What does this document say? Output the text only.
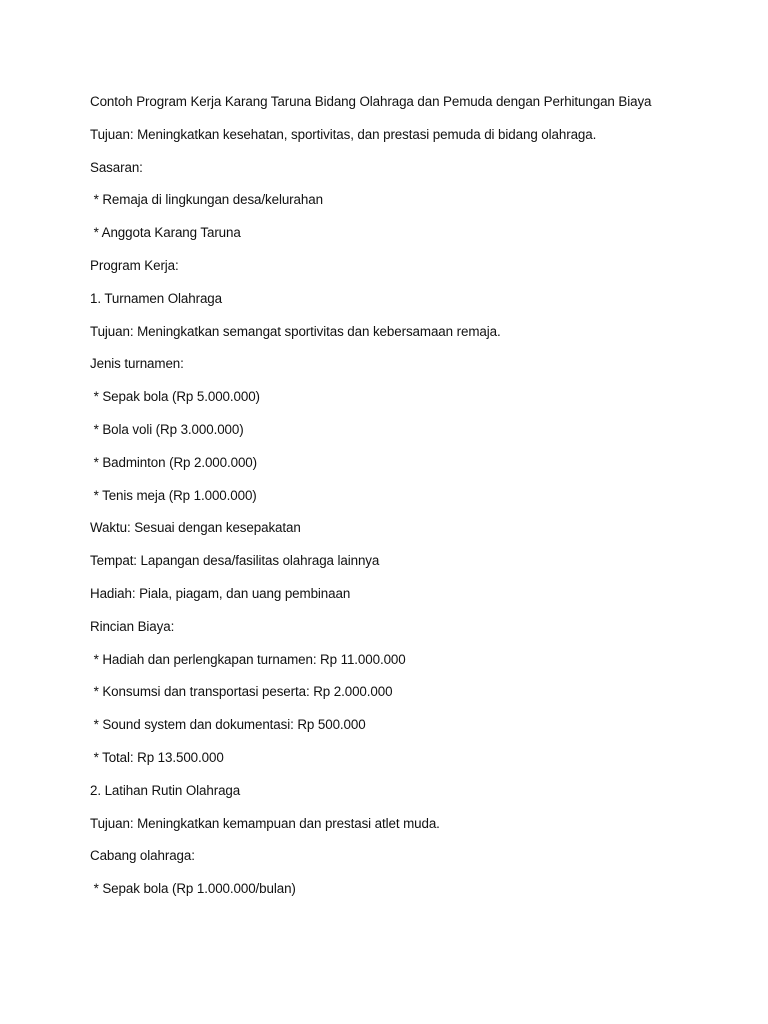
Contoh Program Kerja Karang Taruna Bidang Olahraga dan Pemuda dengan Perhitungan Biaya
Tujuan: Meningkatkan kesehatan, sportivitas, dan prestasi pemuda di bidang olahraga.
Sasaran:
* Remaja di lingkungan desa/kelurahan
* Anggota Karang Taruna
Program Kerja:
1. Turnamen Olahraga
Tujuan: Meningkatkan semangat sportivitas dan kebersamaan remaja.
Jenis turnamen:
* Sepak bola (Rp 5.000.000)
* Bola voli (Rp 3.000.000)
* Badminton (Rp 2.000.000)
* Tenis meja (Rp 1.000.000)
Waktu: Sesuai dengan kesepakatan
Tempat: Lapangan desa/fasilitas olahraga lainnya
Hadiah: Piala, piagam, dan uang pembinaan
Rincian Biaya:
* Hadiah dan perlengkapan turnamen: Rp 11.000.000
* Konsumsi dan transportasi peserta: Rp 2.000.000
* Sound system dan dokumentasi: Rp 500.000
* Total: Rp 13.500.000
2. Latihan Rutin Olahraga
Tujuan: Meningkatkan kemampuan dan prestasi atlet muda.
Cabang olahraga:
* Sepak bola (Rp 1.000.000/bulan)
